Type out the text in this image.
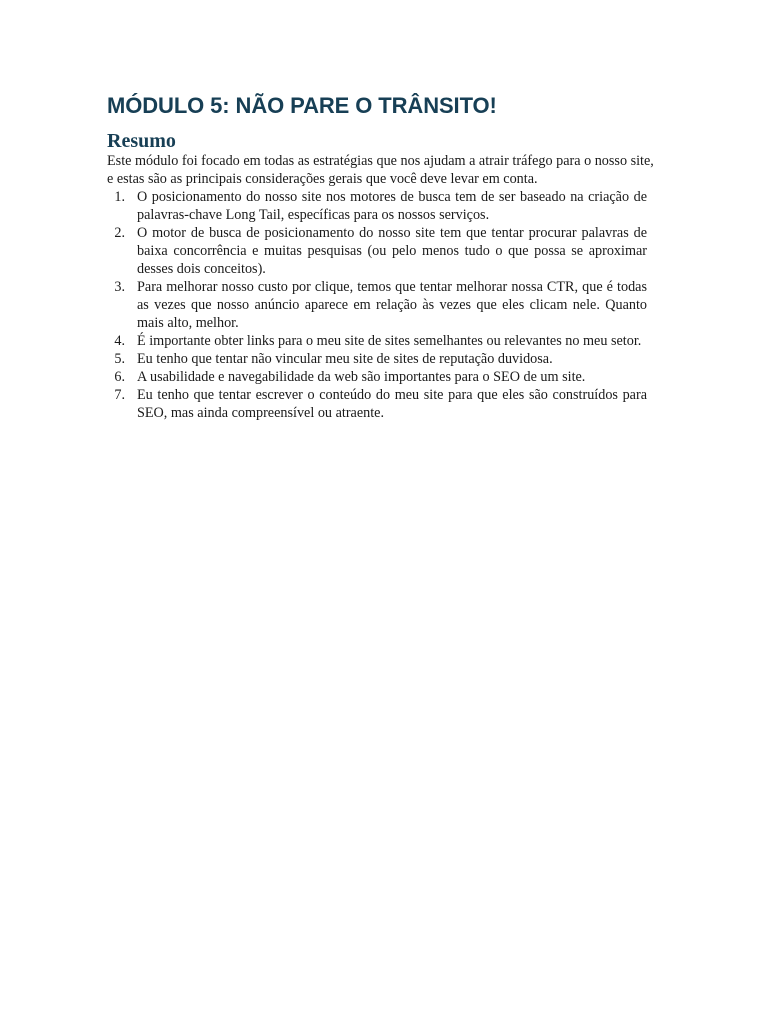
MÓDULO 5: NÃO PARE O TRÂNSITO!
Resumo

Este módulo foi focado em todas as estratégias que nos ajudam a atrair tráfego para o nosso site, e estas são as principais considerações gerais que você deve levar em conta.

1. O posicionamento do nosso site nos motores de busca tem de ser baseado na criação de palavras-chave Long Tail, específicas para os nossos serviços.
2. O motor de busca de posicionamento do nosso site tem que tentar procurar palavras de baixa concorrência e muitas pesquisas (ou pelo menos tudo o que possa se aproximar desses dois conceitos).
3. Para melhorar nosso custo por clique, temos que tentar melhorar nossa CTR, que é todas as vezes que nosso anúncio aparece em relação às vezes que eles clicam nele. Quanto mais alto, melhor.
4. É importante obter links para o meu site de sites semelhantes ou relevantes no meu setor.
5. Eu tenho que tentar não vincular meu site de sites de reputação duvidosa.
6. A usabilidade e navegabilidade da web são importantes para o SEO de um site.
7. Eu tenho que tentar escrever o conteúdo do meu site para que eles são construídos para SEO, mas ainda compreensível ou atraente.
